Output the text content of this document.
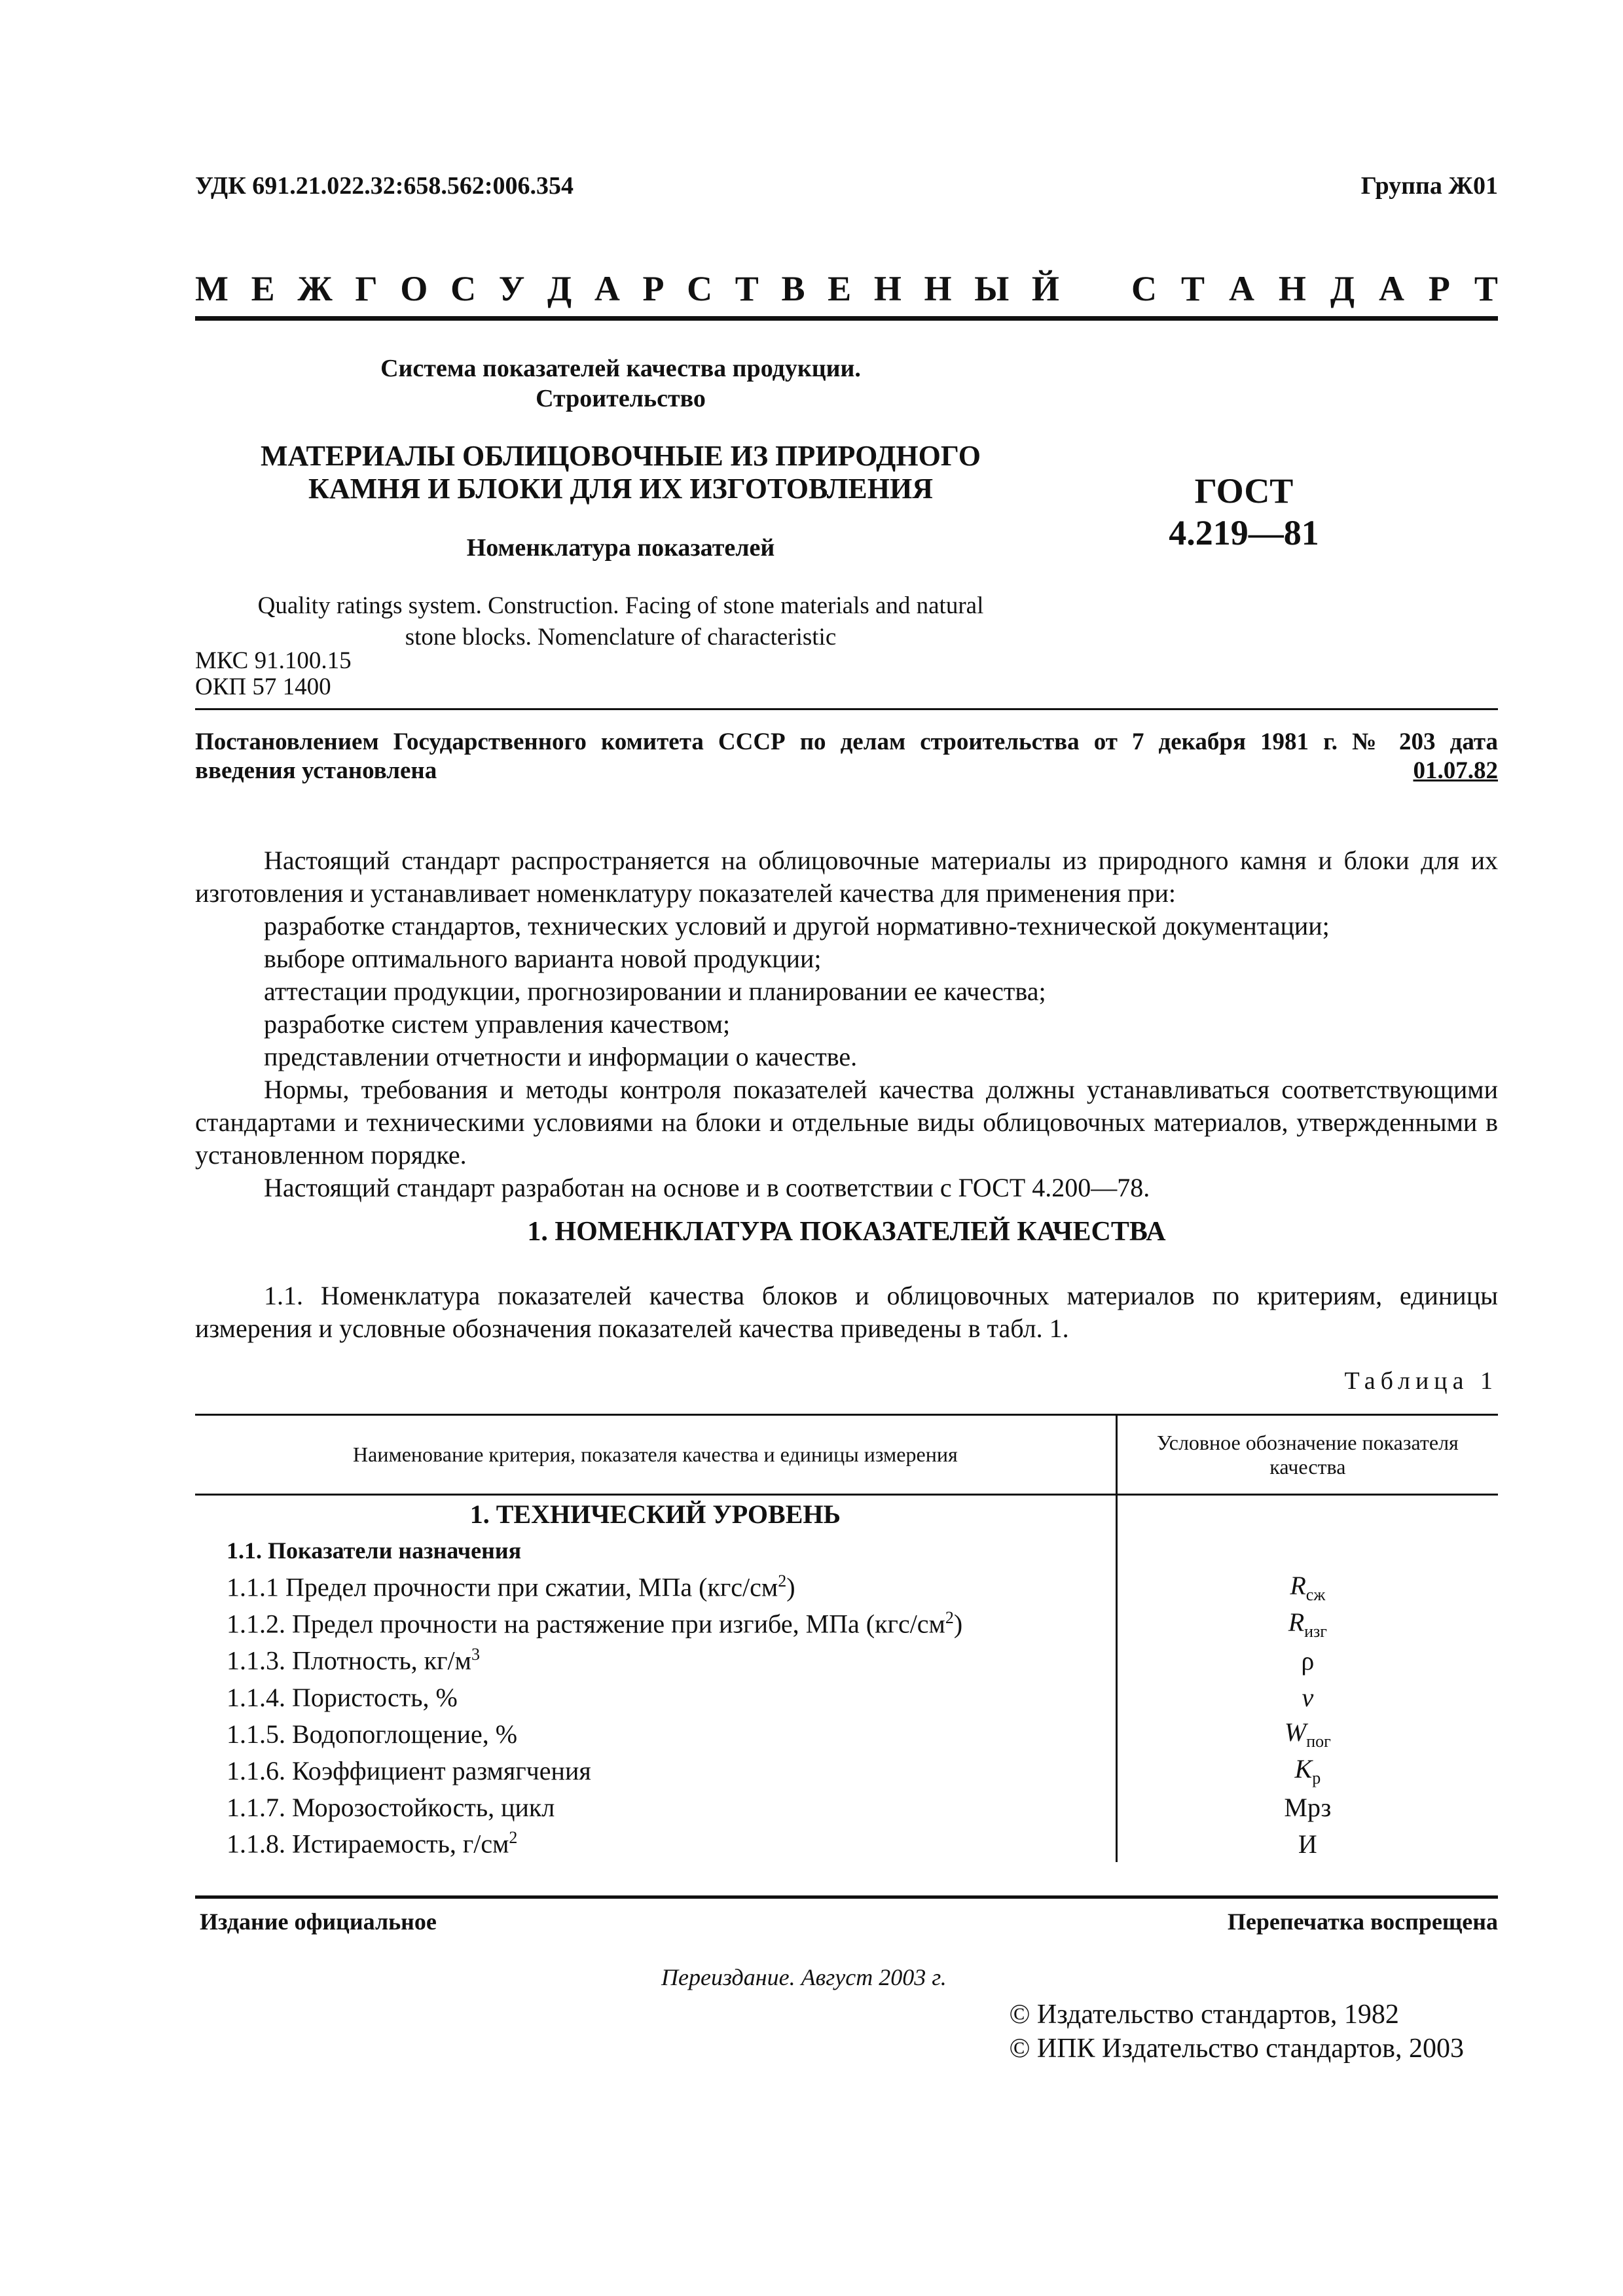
УДК 691.21.022.32:658.562:006.354	Группа Ж01
М Е Ж Г О С У Д А Р С Т В Е Н Н Ы Й С Т А Н Д А Р Т
Система показателей качества продукции.
Строительство
МАТЕРИАЛЫ ОБЛИЦОВОЧНЫЕ ИЗ ПРИРОДНОГО
КАМНЯ И БЛОКИ ДЛЯ ИХ ИЗГОТОВЛЕНИЯ
Номенклатура показателей
ГОСТ
4.219—81
Quality ratings system. Construction. Facing of stone materials and natural
stone blocks. Nomenclature of characteristic
МКС 91.100.15
ОКП 57 1400
Постановлением Государственного комитета СССР по делам строительства от 7 декабря 1981 г. № 203 дата
введения установлена	01.07.82
Настоящий стандарт распространяется на облицовочные материалы из природного камня и блоки для их изготовления и устанавливает номенклатуру показателей качества для применения при:
разработке стандартов, технических условий и другой нормативно-технической документации;
выборе оптимального варианта новой продукции;
аттестации продукции, прогнозировании и планировании ее качества;
разработке систем управления качеством;
представлении отчетности и информации о качестве.
Нормы, требования и методы контроля показателей качества должны устанавливаться соответствующими стандартами и техническими условиями на блоки и отдельные виды облицовочных материалов, утвержденными в установленном порядке.
Настоящий стандарт разработан на основе и в соответствии с ГОСТ 4.200—78.
1. НОМЕНКЛАТУРА ПОКАЗАТЕЛЕЙ КАЧЕСТВА
1.1. Номенклатура показателей качества блоков и облицовочных материалов по критериям, единицы измерения и условные обозначения показателей качества приведены в табл. 1.
Таблица 1
Наименование критерия, показателя качества и единицы измерения	Условное обозначение показателя качества
1. ТЕХНИЧЕСКИЙ УРОВЕНЬ	
1.1. Показатели назначения	
1.1.1 Предел прочности при сжатии, МПа $(кгс/см^2)$	$R_{сж}$
1.1.2. Предел прочности на растяжение при изгибе, МПа $(кгс/см^2)$	$R_{изг}$
1.1.3. Плотность, $кг/м^3$	ρ
1.1.4. Пористость, %	v
1.1.5. Водопоглощение, %	$W_{пог}$
1.1.6. Коэффициент размягчения	$K_р$
1.1.7. Морозостойкость, цикл	Мрз
1.1.8. Истираемость, $г/см^2$	И
Издание официальное	Перепечатка воспрещена
Переиздание. Август 2003 г.
© Издательство стандартов, 1982
© ИПК Издательство стандартов, 2003
